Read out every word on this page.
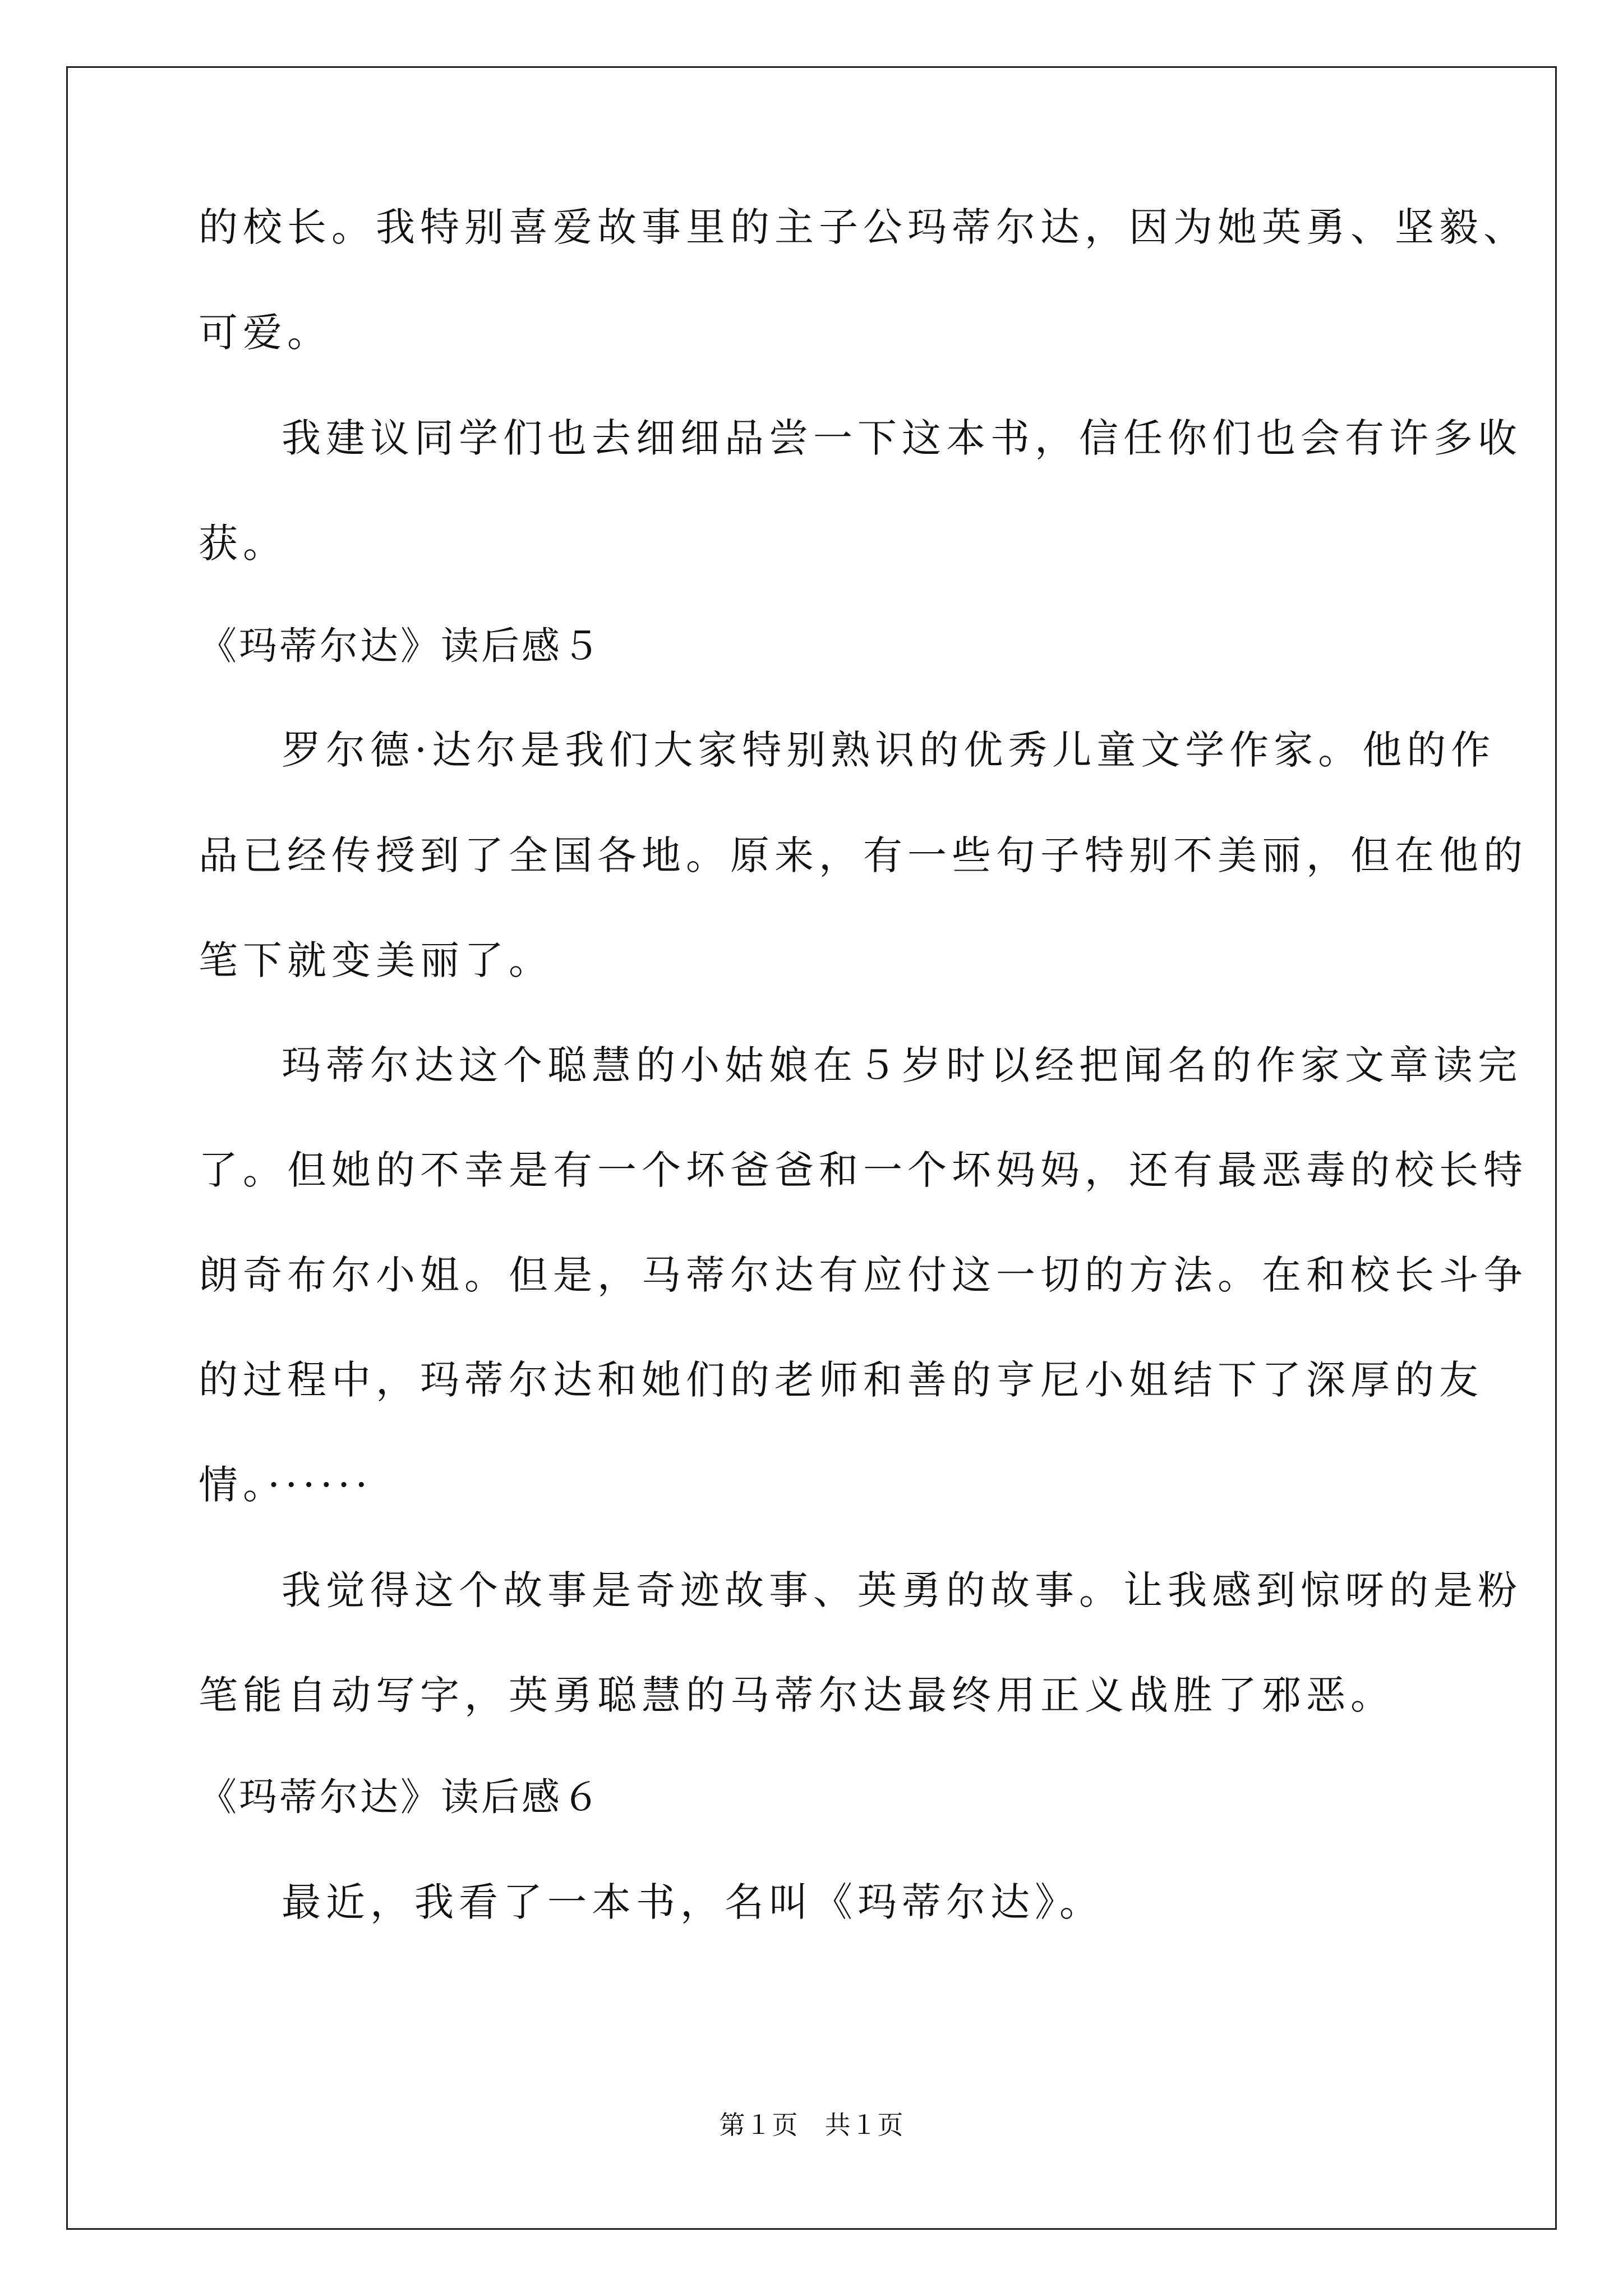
的校长。我特别喜爱故事里的主子公玛蒂尔达，因为她英勇、坚毅、
可爱。
我建议同学们也去细细品尝一下这本书，信任你们也会有许多收
获。
《玛蒂尔达》读后感５
罗尔德·达尔是我们大家特别熟识的优秀儿童文学作家。他的作
品已经传授到了全国各地。原来，有一些句子特别不美丽，但在他的
笔下就变美丽了。
玛蒂尔达这个聪慧的小姑娘在５岁时以经把闻名的作家文章读完
了。但她的不幸是有一个坏爸爸和一个坏妈妈，还有最恶毒的校长特
朗奇布尔小姐。但是，马蒂尔达有应付这一切的方法。在和校长斗争
的过程中，玛蒂尔达和她们的老师和善的亨尼小姐结下了深厚的友
情。······
我觉得这个故事是奇迹故事、英勇的故事。让我感到惊呀的是粉
笔能自动写字，英勇聪慧的马蒂尔达最终用正义战胜了邪恶。
《玛蒂尔达》读后感６
最近，我看了一本书，名叫《玛蒂尔达》。
第１页　共１页
